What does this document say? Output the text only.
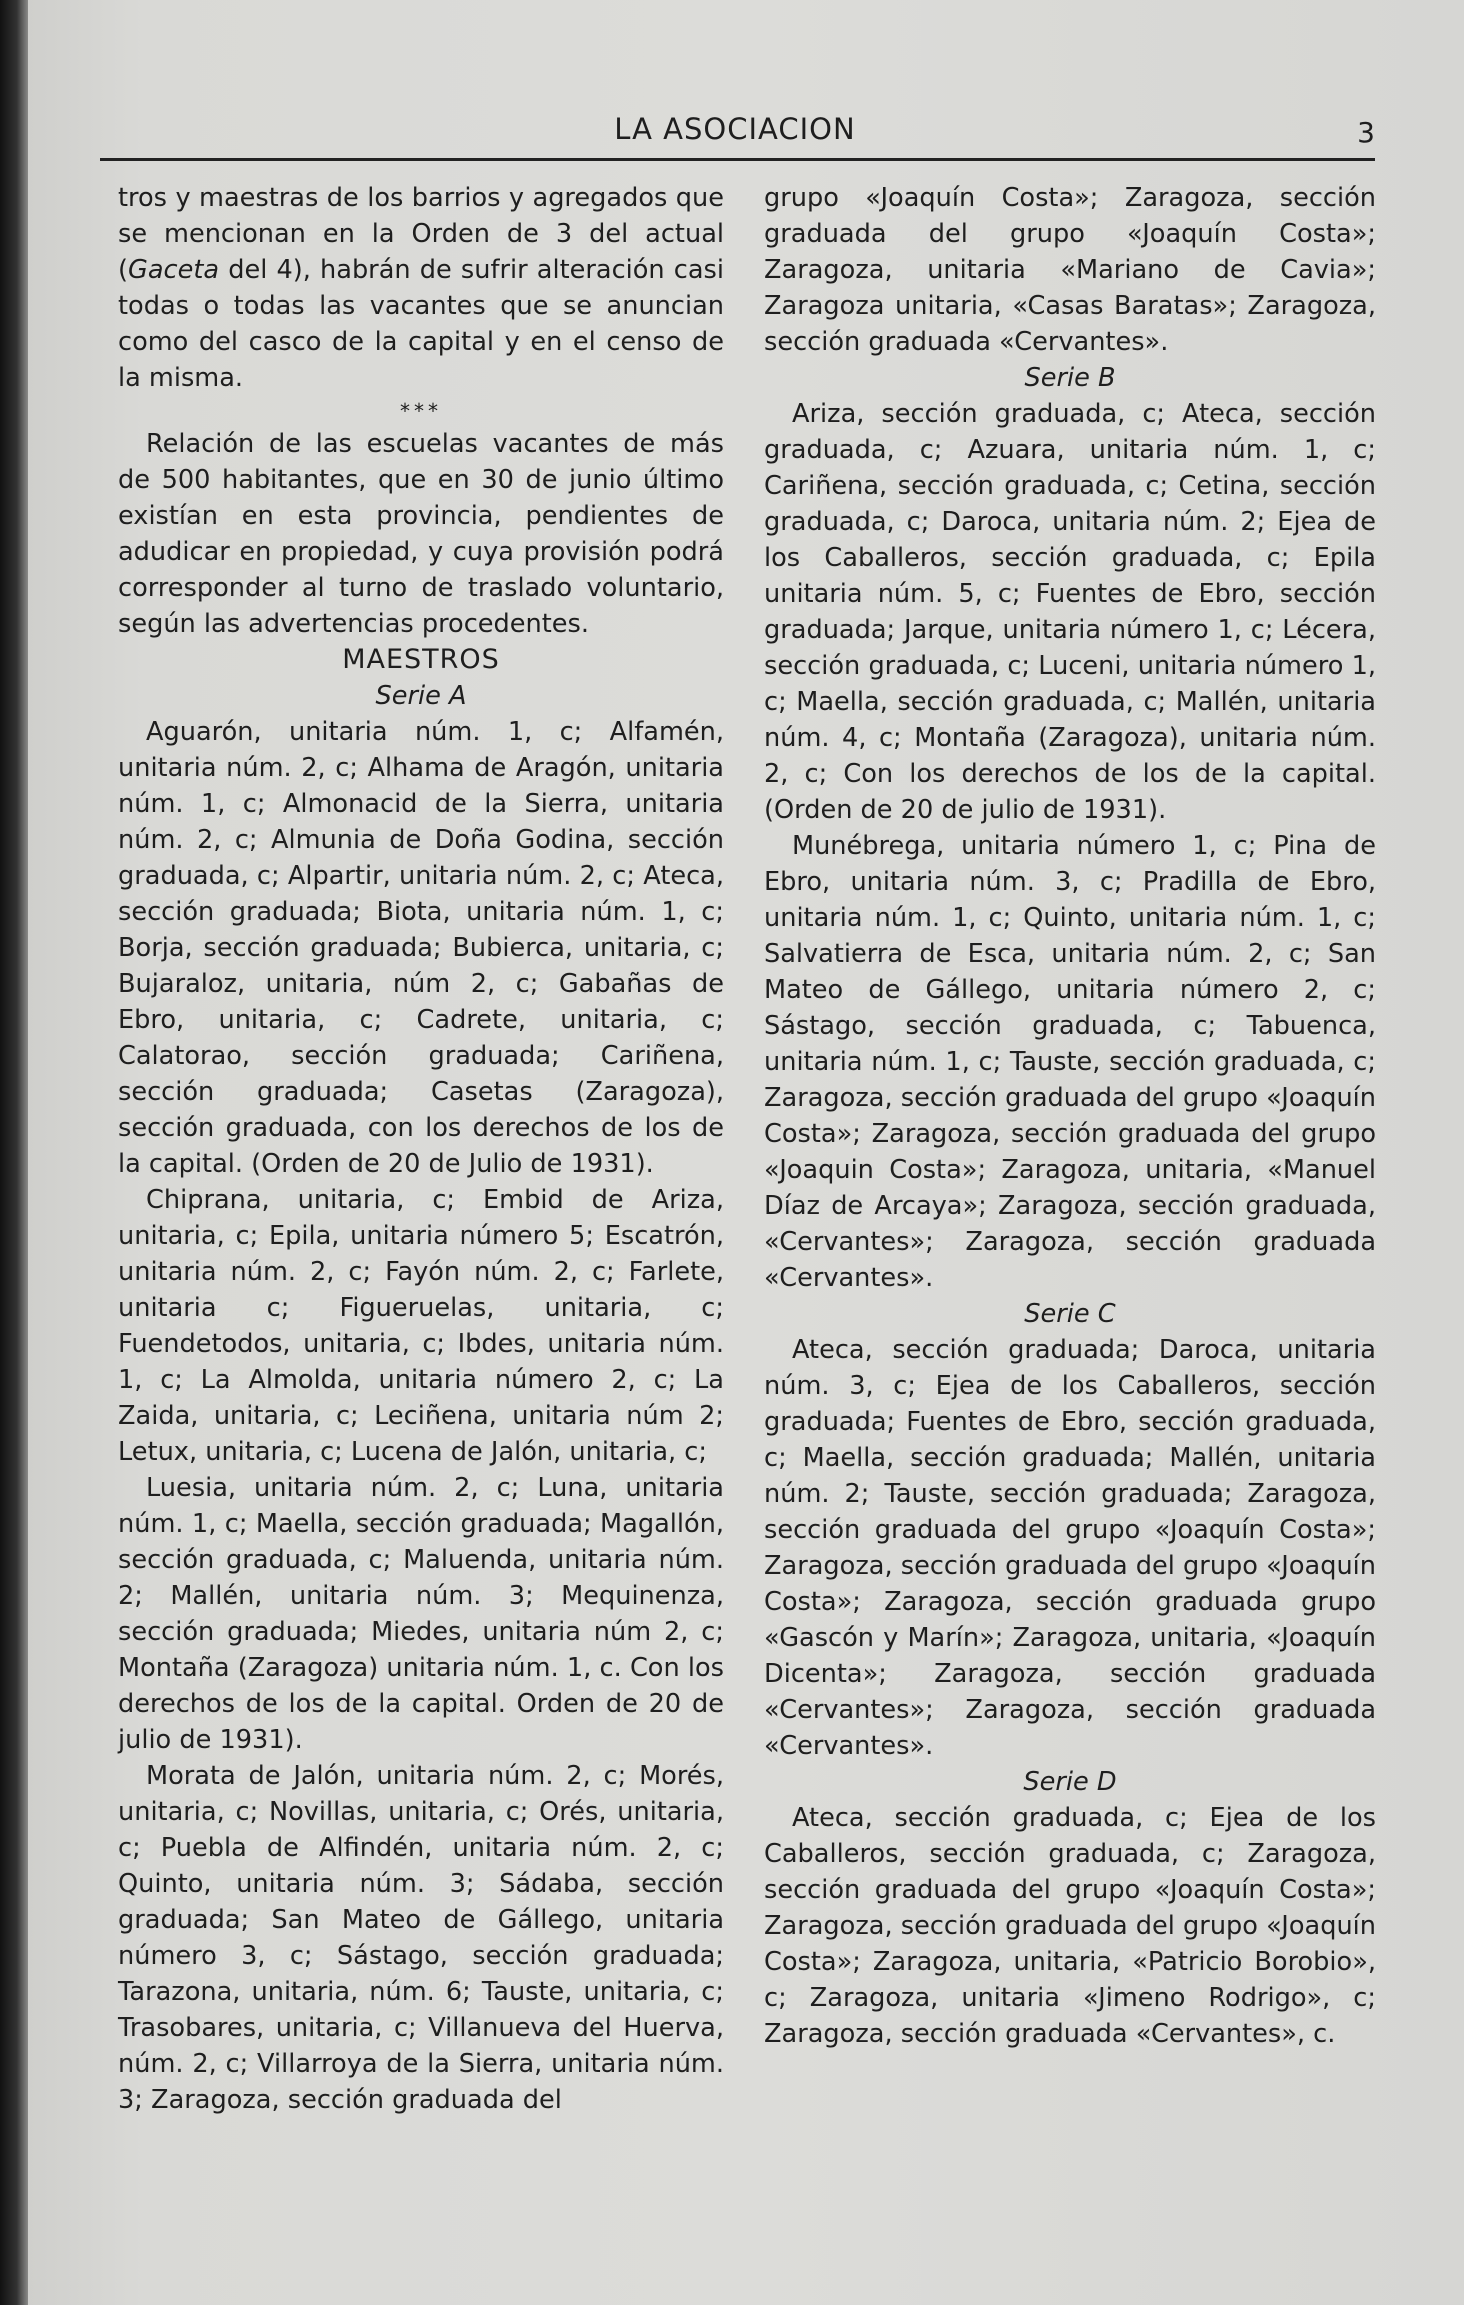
LA ASOCIACION	3

tros y maestras de los barrios y agregados que se mencionan en la Orden de 3 del actual (Gaceta del 4), habrán de sufrir alteración casi todas o todas las vacantes que se anuncian como del casco de la capital y en el censo de la misma.

***

Relación de las escuelas vacantes de más de 500 habitantes, que en 30 de junio último existían en esta provincia, pendientes de adudicar en propiedad, y cuya provisión podrá corresponder al turno de traslado voluntario, según las advertencias procedentes.

MAESTROS
Serie A

Aguarón, unitaria núm. 1, c; Alfamén, unitaria núm. 2, c; Alhama de Aragón, unitaria núm. 1, c; Almonacid de la Sierra, unitaria núm. 2, c; Almunia de Doña Godina, sección graduada, c; Alpartir, unitaria núm. 2, c; Ateca, sección graduada; Biota, unitaria núm. 1, c; Borja, sección graduada; Bubierca, unitaria, c; Bujaraloz, unitaria, núm 2, c; Gabañas de Ebro, unitaria, c; Cadrete, unitaria, c; Calatorao, sección graduada; Cariñena, sección graduada; Casetas (Zaragoza), sección graduada, con los derechos de los de la capital. (Orden de 20 de Julio de 1931).

Chiprana, unitaria, c; Embid de Ariza, unitaria, c; Epila, unitaria número 5; Escatrón, unitaria núm. 2, c; Fayón núm. 2, c; Farlete, unitaria c; Figueruelas, unitaria, c; Fuendetodos, unitaria, c; Ibdes, unitaria núm. 1, c; La Almolda, unitaria número 2, c; La Zaida, unitaria, c; Leciñena, unitaria núm 2; Letux, unitaria, c; Lucena de Jalón, unitaria, c;

Luesia, unitaria núm. 2, c; Luna, unitaria núm. 1, c; Maella, sección graduada; Magallón, sección graduada, c; Maluenda, unitaria núm. 2; Mallén, unitaria núm. 3; Mequinenza, sección graduada; Miedes, unitaria núm 2, c; Montaña (Zaragoza) unitaria núm. 1, c. Con los derechos de los de la capital. Orden de 20 de julio de 1931).

Morata de Jalón, unitaria núm. 2, c; Morés, unitaria, c; Novillas, unitaria, c; Orés, unitaria, c; Puebla de Alfindén, unitaria núm. 2, c; Quinto, unitaria núm. 3; Sádaba, sección graduada; San Mateo de Gállego, unitaria número 3, c; Sástago, sección graduada; Tarazona, unitaria, núm. 6; Tauste, unitaria, c; Trasobares, unitaria, c; Villanueva del Huerva, núm. 2, c; Villarroya de la Sierra, unitaria núm. 3; Zaragoza, sección graduada del

grupo «Joaquín Costa»; Zaragoza, sección graduada del grupo «Joaquín Costa»; Zaragoza, unitaria «Mariano de Cavia»; Zaragoza unitaria, «Casas Baratas»; Zaragoza, sección graduada «Cervantes».

Serie B

Ariza, sección graduada, c; Ateca, sección graduada, c; Azuara, unitaria núm. 1, c; Cariñena, sección graduada, c; Cetina, sección graduada, c; Daroca, unitaria núm. 2; Ejea de los Caballeros, sección graduada, c; Epila unitaria núm. 5, c; Fuentes de Ebro, sección graduada; Jarque, unitaria número 1, c; Lécera, sección graduada, c; Luceni, unitaria número 1, c; Maella, sección graduada, c; Mallén, unitaria núm. 4, c; Montaña (Zaragoza), unitaria núm. 2, c; Con los derechos de los de la capital. (Orden de 20 de julio de 1931).

Munébrega, unitaria número 1, c; Pina de Ebro, unitaria núm. 3, c; Pradilla de Ebro, unitaria núm. 1, c; Quinto, unitaria núm. 1, c; Salvatierra de Esca, unitaria núm. 2, c; San Mateo de Gállego, unitaria número 2, c; Sástago, sección graduada, c; Tabuenca, unitaria núm. 1, c; Tauste, sección graduada, c; Zaragoza, sección graduada del grupo «Joaquín Costa»; Zaragoza, sección graduada del grupo «Joaquin Costa»; Zaragoza, unitaria, «Manuel Díaz de Arcaya»; Zaragoza, sección graduada, «Cervantes»; Zaragoza, sección graduada «Cervantes».

Serie C

Ateca, sección graduada; Daroca, unitaria núm. 3, c; Ejea de los Caballeros, sección graduada; Fuentes de Ebro, sección graduada, c; Maella, sección graduada; Mallén, unitaria núm. 2; Tauste, sección graduada; Zaragoza, sección graduada del grupo «Joaquín Costa»; Zaragoza, sección graduada del grupo «Joaquín Costa»; Zaragoza, sección graduada grupo «Gascón y Marín»; Zaragoza, unitaria, «Joaquín Dicenta»; Zaragoza, sección graduada «Cervantes»; Zaragoza, sección graduada «Cervantes».

Serie D

Ateca, sección graduada, c; Ejea de los Caballeros, sección graduada, c; Zaragoza, sección graduada del grupo «Joaquín Costa»; Zaragoza, sección graduada del grupo «Joaquín Costa»; Zaragoza, unitaria, «Patricio Borobio», c; Zaragoza, unitaria «Jimeno Rodrigo», c; Zaragoza, sección graduada «Cervantes», c.
